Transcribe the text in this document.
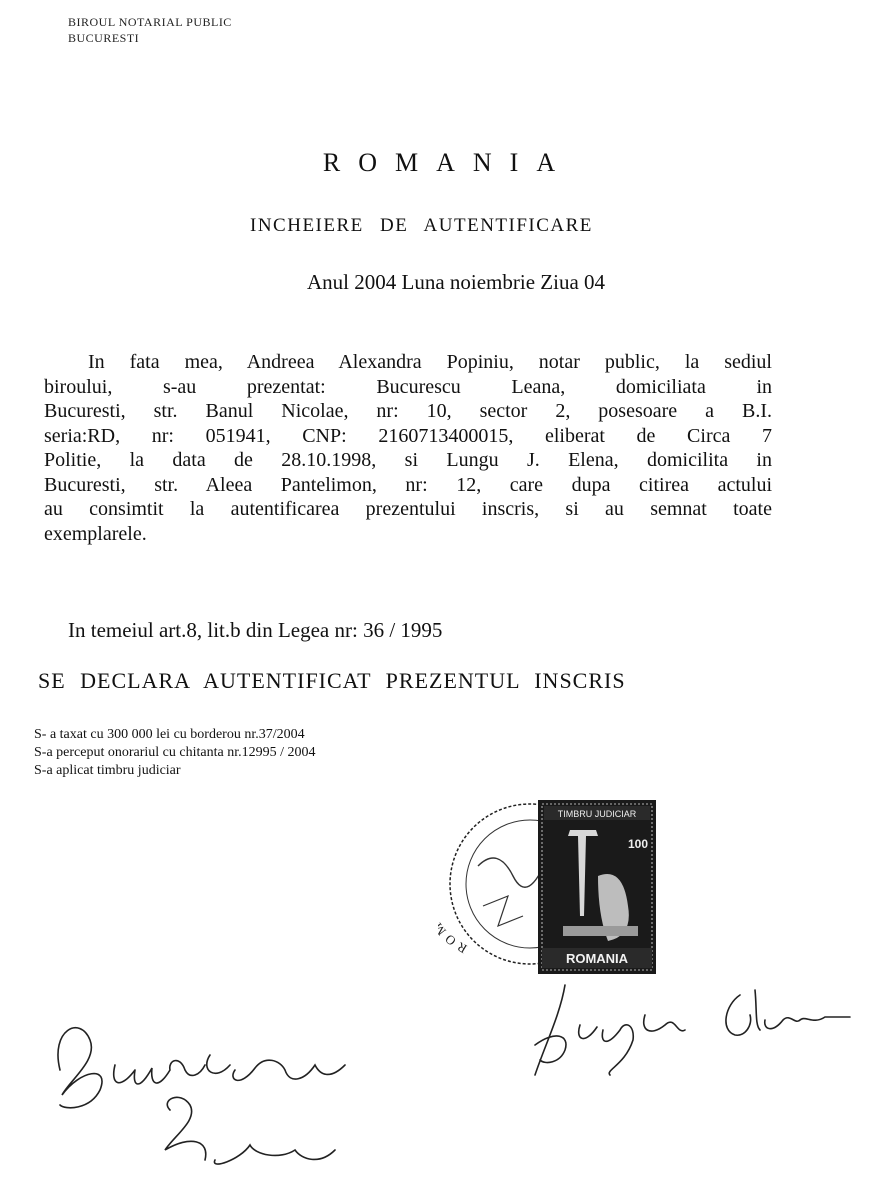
BIROUL NOTARIAL PUBLIC
BUCURESTI
ROMANIA
INCHEIERE DE AUTENTIFICARE
Anul 2004 Luna noiembrie Ziua 04
In fata mea, Andreea Alexandra Popiniu, notar public, la sediul
biroului, s-au prezentat: Bucurescu Leana, domiciliata in
Bucuresti, str. Banul Nicolae, nr: 10, sector 2, posesoare a B.I.
seria:RD, nr: 051941, CNP: 2160713400015, eliberat de Circa 7
Politie, la data de 28.10.1998, si Lungu J. Elena, domicilita in
Bucuresti, str. Aleea Pantelimon, nr: 12, care dupa citirea actului
au consimtit la autentificarea prezentului inscris, si au semnat toate
exemplarele.
In temeiul art.8, lit.b din Legea nr: 36 / 1995
SE DECLARA AUTENTIFICAT PREZENTUL INSCRIS
S- a taxat cu 300 000 lei cu borderou nr.37/2004
S-a perceput onorariul cu chitanta nr.12995 / 2004
S-a aplicat timbru judiciar
RO
TIMBRU JUDICIAR
100
ROMANIA
